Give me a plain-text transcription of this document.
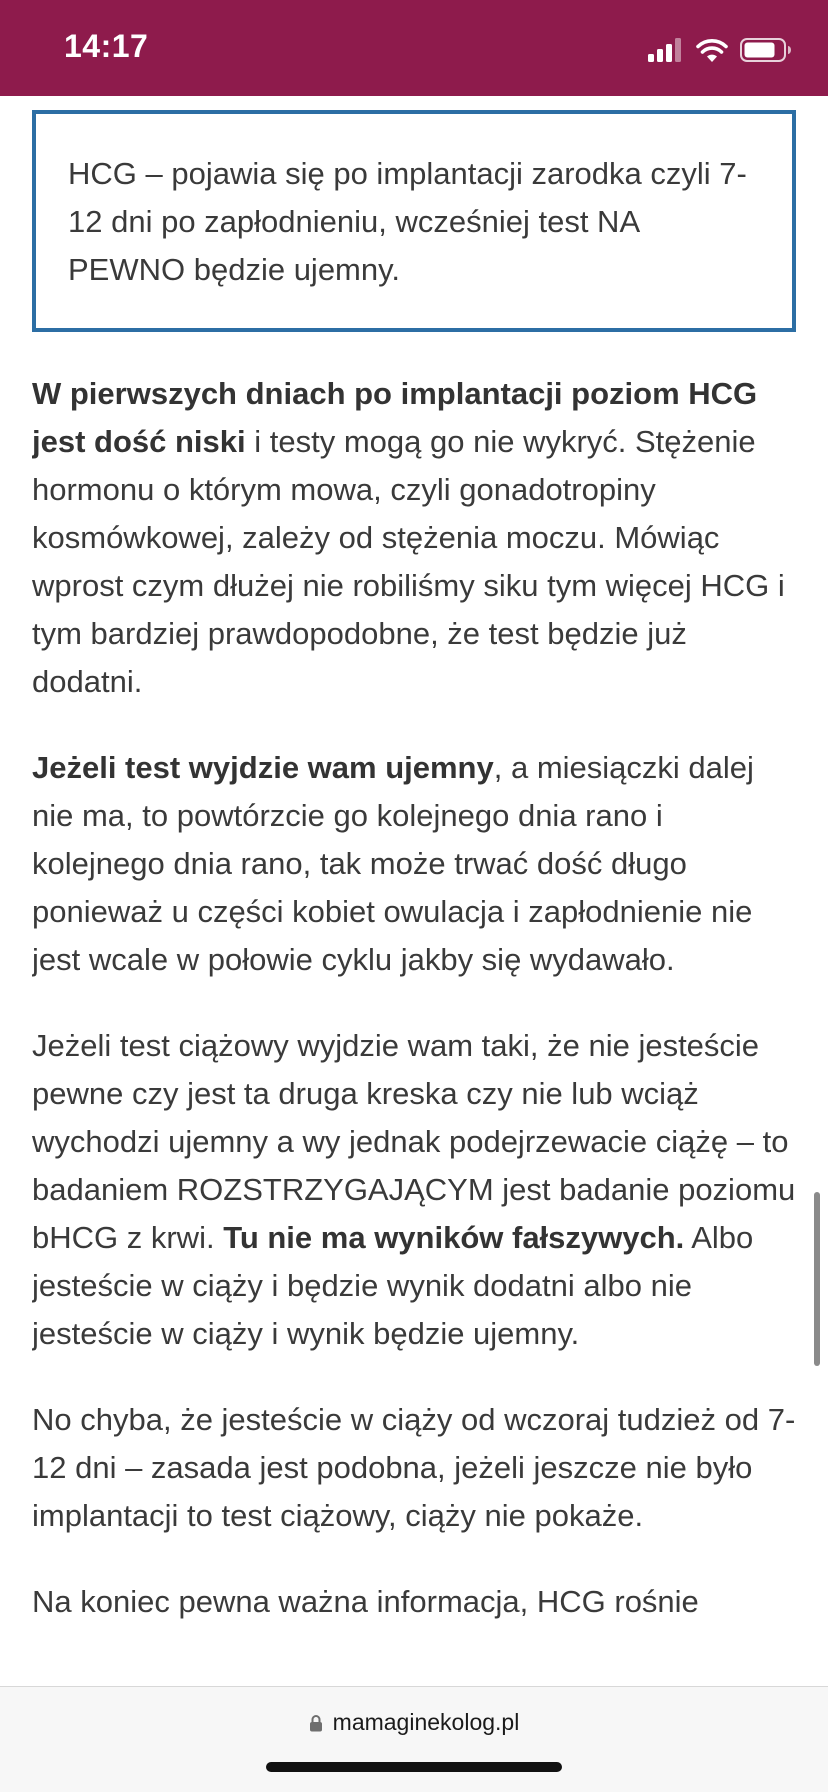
14:17
HCG – pojawia się po implantacji zarodka czyli 7-12 dni po zapłodnieniu, wcześniej test NA PEWNO będzie ujemny.

W pierwszych dniach po implantacji poziom HCG jest dość niski i testy mogą go nie wykryć. Stężenie hormonu o którym mowa, czyli gonadotropiny kosmówkowej, zależy od stężenia moczu. Mówiąc wprost czym dłużej nie robiliśmy siku tym więcej HCG i tym bardziej prawdopodobne, że test będzie już dodatni.

Jeżeli test wyjdzie wam ujemny, a miesiączki dalej nie ma, to powtórzcie go kolejnego dnia rano i kolejnego dnia rano, tak może trwać dość długo ponieważ u części kobiet owulacja i zapłodnienie nie jest wcale w połowie cyklu jakby się wydawało.

Jeżeli test ciążowy wyjdzie wam taki, że nie jesteście pewne czy jest ta druga kreska czy nie lub wciąż wychodzi ujemny a wy jednak podejrzewacie ciążę – to badaniem ROZSTRZYGAJĄCYM jest badanie poziomu bHCG z krwi. Tu nie ma wyników fałszywych. Albo jesteście w ciąży i będzie wynik dodatni albo nie jesteście w ciąży i wynik będzie ujemny.

No chyba, że jesteście w ciąży od wczoraj tudzież od 7-12 dni – zasada jest podobna, jeżeli jeszcze nie było implantacji to test ciążowy, ciąży nie pokaże.

Na koniec pewna ważna informacja, HCG rośnie

mamaginekolog.pl
